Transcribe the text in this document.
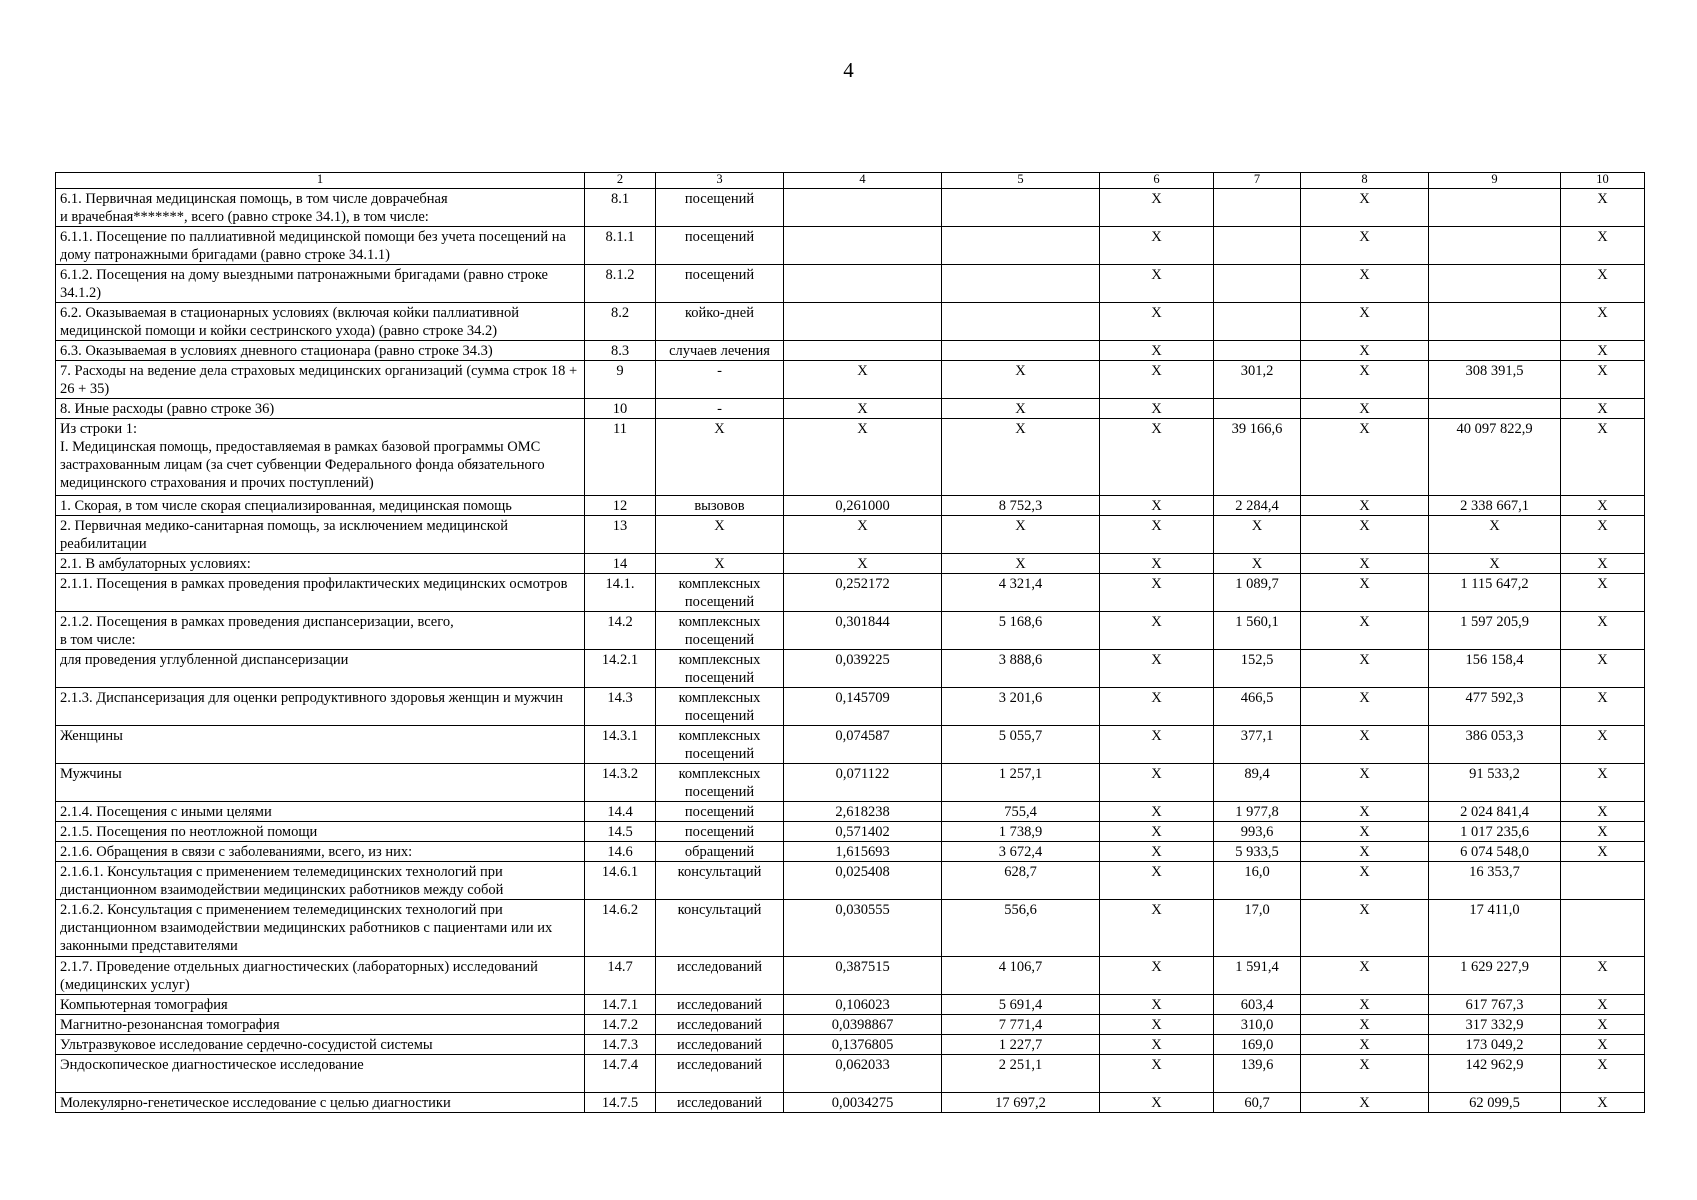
4
1	2	3	4	5	6	7	8	9	10
6.1. Первичная медицинская помощь, в том числе доврачебная
и врачебная*******, всего (равно строке 34.1), в том числе:	8.1	посещений			Х		Х		Х
6.1.1. Посещение по паллиативной медицинской помощи без учета посещений на дому патронажными бригадами (равно строке 34.1.1)	8.1.1	посещений			Х		Х		Х
6.1.2. Посещения на дому выездными патронажными бригадами (равно строке 34.1.2)	8.1.2	посещений			Х		Х		Х
6.2. Оказываемая в стационарных условиях (включая койки паллиативной медицинской помощи и койки сестринского ухода) (равно строке 34.2)	8.2	койко-дней			Х		Х		Х
6.3. Оказываемая в условиях дневного стационара (равно строке 34.3)	8.3	случаев лечения			Х		Х		Х
7. Расходы на ведение дела страховых медицинских организаций (сумма строк 18 + 26 + 35)	9	-	Х	Х	Х	301,2	Х	308 391,5	Х
8. Иные расходы (равно строке 36)	10	-	Х	Х	Х		Х		Х
Из строки 1:
I. Медицинская помощь, предоставляемая в рамках базовой программы ОМС застрахованным лицам (за счет субвенции Федерального фонда обязательного медицинского страхования и прочих поступлений)	11	Х	Х	Х	Х	39 166,6	Х	40 097 822,9	Х
1. Скорая, в том числе скорая специализированная, медицинская помощь	12	вызовов	0,261000	8 752,3	Х	2 284,4	Х	2 338 667,1	Х
2. Первичная медико-санитарная помощь, за исключением медицинской реабилитации	13	Х	Х	Х	Х	Х	Х	Х	Х
2.1. В амбулаторных условиях:	14	Х	Х	Х	Х	Х	Х	Х	Х
2.1.1. Посещения в рамках проведения профилактических медицинских осмотров	14.1.	комплексных посещений	0,252172	4 321,4	Х	1 089,7	Х	1 115 647,2	Х
2.1.2. Посещения в рамках проведения диспансеризации, всего,
в том числе:	14.2	комплексных посещений	0,301844	5 168,6	Х	1 560,1	Х	1 597 205,9	Х
для проведения углубленной диспансеризации	14.2.1	комплексных посещений	0,039225	3 888,6	Х	152,5	Х	156 158,4	Х
2.1.3. Диспансеризация для оценки репродуктивного здоровья женщин и мужчин	14.3	комплексных посещений	0,145709	3 201,6	Х	466,5	Х	477 592,3	Х
Женщины	14.3.1	комплексных посещений	0,074587	5 055,7	Х	377,1	Х	386 053,3	Х
Мужчины	14.3.2	комплексных посещений	0,071122	1 257,1	Х	89,4	Х	91 533,2	Х
2.1.4. Посещения с иными целями	14.4	посещений	2,618238	755,4	Х	1 977,8	Х	2 024 841,4	Х
2.1.5. Посещения по неотложной помощи	14.5	посещений	0,571402	1 738,9	Х	993,6	Х	1 017 235,6	Х
2.1.6. Обращения в связи с заболеваниями, всего, из них:	14.6	обращений	1,615693	3 672,4	Х	5 933,5	Х	6 074 548,0	Х
2.1.6.1. Консультация с применением телемедицинских технологий при дистанционном взаимодействии медицинских работников между собой	14.6.1	консультаций	0,025408	628,7	Х	16,0	Х	16 353,7	
2.1.6.2. Консультация с применением телемедицинских технологий при дистанционном взаимодействии медицинских работников с пациентами или их законными представителями	14.6.2	консультаций	0,030555	556,6	Х	17,0	Х	17 411,0	
2.1.7. Проведение отдельных диагностических (лабораторных) исследований (медицинских услуг)	14.7	исследований	0,387515	4 106,7	Х	1 591,4	Х	1 629 227,9	Х
Компьютерная томография	14.7.1	исследований	0,106023	5 691,4	Х	603,4	Х	617 767,3	Х
Магнитно-резонансная томография	14.7.2	исследований	0,0398867	7 771,4	Х	310,0	Х	317 332,9	Х
Ультразвуковое исследование сердечно-сосудистой системы	14.7.3	исследований	0,1376805	1 227,7	Х	169,0	Х	173 049,2	Х
Эндоскопическое диагностическое исследование	14.7.4	исследований	0,062033	2 251,1	Х	139,6	Х	142 962,9	Х
Молекулярно-генетическое исследование с целью диагностики	14.7.5	исследований	0,0034275	17 697,2	Х	60,7	Х	62 099,5	Х
